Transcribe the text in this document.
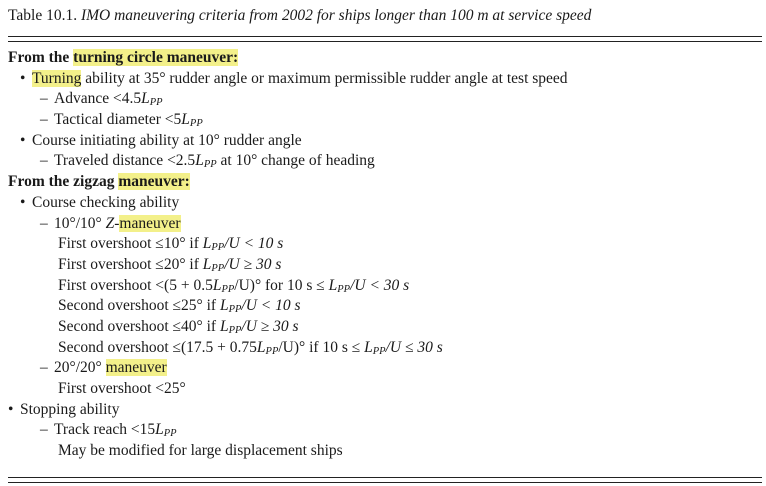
Table 10.1. IMO maneuvering criteria from 2002 for ships longer than 100 m at service speed
From the turning circle maneuver:
• Turning ability at 35° rudder angle or maximum permissible rudder angle at test speed
– Advance <4.5LPP
– Tactical diameter <5LPP
• Course initiating ability at 10° rudder angle
– Traveled distance <2.5LPP at 10° change of heading
From the zigzag maneuver:
• Course checking ability
– 10°/10° Z-maneuver
First overshoot ≤10° if LPP/U < 10 s
First overshoot ≤20° if LPP/U ≥ 30 s
First overshoot <(5 + 0.5LPP/U)° for 10 s ≤ LPP/U < 30 s
Second overshoot ≤25° if LPP/U < 10 s
Second overshoot ≤40° if LPP/U ≥ 30 s
Second overshoot ≤(17.5 + 0.75LPP/U)° if 10 s ≤ LPP/U ≤ 30 s
– 20°/20° maneuver
First overshoot <25°
• Stopping ability
– Track reach <15LPP
May be modified for large displacement ships
